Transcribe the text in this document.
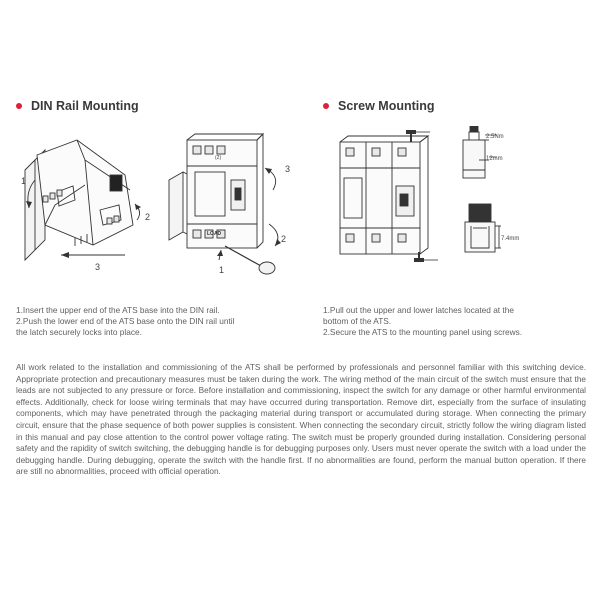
DIN Rail Mounting	Screw Mounting
1
2
3
(2)
LOAD
3
2
1
2.5Nm
12mm
7.4mm
1.Insert the upper end of the ATS base into the DIN rail.
2.Push the lower end of the ATS base onto the DIN rail until
the latch securely locks into place.
1.Pull out the upper and lower latches located at the
bottom of the ATS.
2.Secure the ATS to the mounting panel using screws.
All work related to the installation and commissioning of the ATS shall be performed by professionals and personnel familiar with this switching device. Appropriate protection and precautionary measures must be taken during the work. The wiring method of the main circuit of the switch must ensure that the leads are not subjected to any pressure or force. Before installation and commissioning, inspect the switch for any damage or other harmful environmental effects. Additionally, check for loose wiring terminals that may have occurred during transportation. Remove dirt, especially from the surface of insulating components, which may have penetrated through the packaging material during transport or accumulated during storage. When connecting the primary circuit, ensure that the phase sequence of both power supplies is consistent. When connecting the secondary circuit, strictly follow the wiring diagram listed in this manual and pay close attention to the control power voltage rating. The switch must be properly grounded during installation. Considering personal safety and the rapidity of switch switching, the debugging handle is for debugging purposes only. Users must never operate the switch with a load under the debugging handle. During debugging, operate the switch with the handle first. If no abnormalities are found, perform the manual button operation. If there are still no abnormalities, proceed with official operation.
